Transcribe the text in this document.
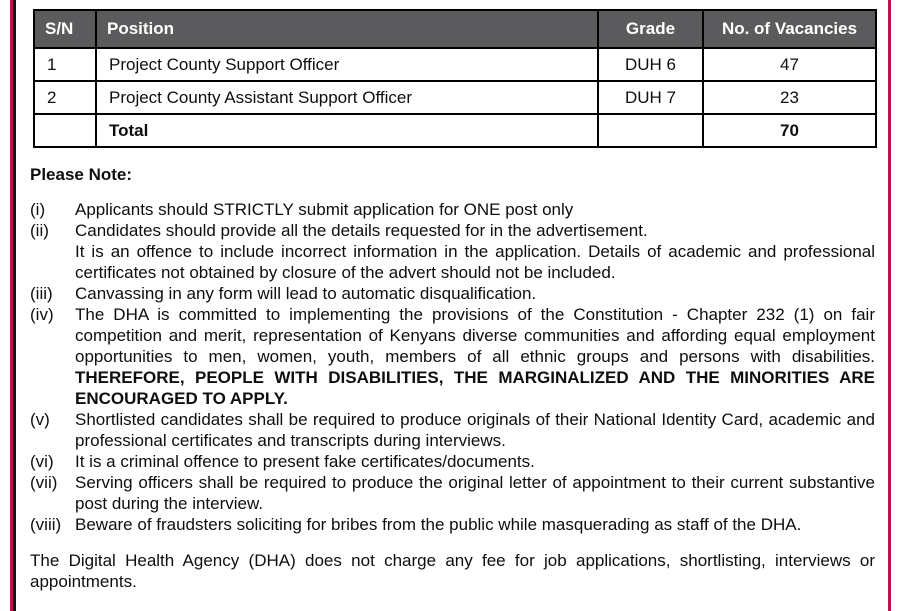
S/N	Position	Grade	No. of Vacancies
1	Project County Support Officer	DUH 6	47
2	Project County Assistant Support Officer	DUH 7	23
	Total		70

Please Note:

(i)	Applicants should STRICTLY submit application for ONE post only

(ii)	Candidates should provide all the details requested for in the advertisement.

It is an offence to include incorrect information in the application. Details of academic and professional certificates not obtained by closure of the advert should not be included.

(iii)	Canvassing in any form will lead to automatic disqualification.

(iv)	The DHA is committed to implementing the provisions of the Constitution - Chapter 232 (1) on fair competition and merit, representation of Kenyans diverse communities and affording equal employment opportunities to men, women, youth, members of all ethnic groups and persons with disabilities. THEREFORE, PEOPLE WITH DISABILITIES, THE MARGINALIZED AND THE MINORITIES ARE ENCOURAGED TO APPLY.

(v)	Shortlisted candidates shall be required to produce originals of their National Identity Card, academic and professional certificates and transcripts during interviews.

(vi)	It is a criminal offence to present fake certificates/documents.

(vii)	Serving officers shall be required to produce the original letter of appointment to their current substantive post during the interview.

(viii) Beware of fraudsters soliciting for bribes from the public while masquerading as staff of the DHA.

The Digital Health Agency (DHA) does not charge any fee for job applications, shortlisting, interviews or appointments.
